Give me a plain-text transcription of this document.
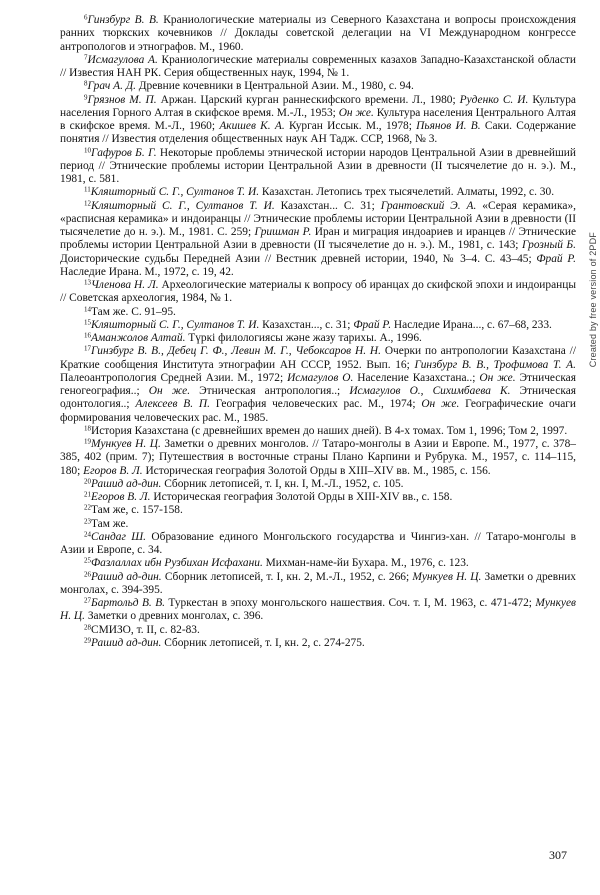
$^6$Гинзбург В. В. Краниологические материалы из Северного Казахстана и вопросы происхождения ранних тюркских кочевников // Доклады советской делегации на VI Международном конгрессе антропологов и этнографов. М., 1960.

$^7$Исмагулова А. Краниологические материалы современных казахов Западно-Казахстанской области // Известия НАН РК. Серия общественных наук, 1994, № 1.

$^8$Грач А. Д. Древние кочевники в Центральной Азии. М., 1980, с. 94.

$^9$Грязнов М. П. Аржан. Царский курган раннескифского времени. Л., 1980; Руденко С. И. Культура населения Горного Алтая в скифское время. М.-Л., 1953; Он же. Культура населения Центрального Алтая в скифское время. М.-Л., 1960; Акишев К. А. Курган Иссык. М., 1978; Пьянов И. В. Саки. Содержание понятия // Известия отделения общественных наук АН Тадж. ССР, 1968, № 3.

$^{10}$Гафуров Б. Г. Некоторые проблемы этнической истории народов Центральной Азии в древнейший период // Этнические проблемы истории Центральной Азии в древности (II тысячелетие до н. э.). М., 1981, с. 581.

$^{11}$Кляшторный С. Г., Султанов Т. И. Казахстан. Летопись трех тысячелетий. Алматы, 1992, с. 30.

$^{12}$Кляшторный С. Г., Султанов Т. И. Казахстан... С. 31; Грантовский Э. А. «Серая керамика», «расписная керамика» и индоиранцы // Этнические проблемы истории Центральной Азии в древности (II тысячелетие до н. э.). М., 1981. С. 259; Гришман Р. Иран и миграция индоариев и иранцев // Этнические проблемы истории Центральной Азии в древности (II тысячелетие до н. э.). М., 1981, с. 143; Грозный Б. Доисторические судьбы Передней Азии // Вестник древней истории, 1940, № 3–4. С. 43–45; Фрай Р. Наследие Ирана. М., 1972, с. 19, 42.

$^{13}$Членова Н. Л. Археологические материалы к вопросу об иранцах до скифской эпохи и индоиранцы // Советская археология, 1984, № 1.

$^{14}$Там же. С. 91–95.

$^{15}$Кляшторный С. Г., Султанов Т. И. Казахстан..., с. 31; Фрай Р. Наследие Ирана..., с. 67–68, 233.

$^{16}$Аманжолов Алтай. Түркі филологиясы және жазу тарихы. А., 1996.

$^{17}$Гинзбург В. В., Дебец Г. Ф., Левин М. Г., Чебоксаров Н. Н. Очерки по антропологии Казахстана // Краткие сообщения Института этнографии АН СССР, 1952. Вып. 16; Гинзбург В. В., Трофимова Т. А. Палеоантропология Средней Азии. М., 1972; Исмагулов О. Население Казахстана..; Он же. Этническая геногеография..; Он же. Этническая антропология..; Исмагулов О., Сихимбаева К. Этническая одонтология..; Алексеев В. П. География человеческих рас. М., 1974; Он же. Географические очаги формирования человеческих рас. М., 1985.

$^{18}$История Казахстана (с древнейших времен до наших дней). В 4-х томах. Том 1, 1996; Том 2, 1997.

$^{19}$Мункуев Н. Ц. Заметки о древних монголов. // Татаро-монголы в Азии и Европе. М., 1977, с. 378–385, 402 (прим. 7); Путешествия в восточные страны Плано Карпини и Рубрука. М., 1957, с. 114–115, 180; Егоров В. Л. Историческая география Золотой Орды в XIII–XIV вв. М., 1985, с. 156.

$^{20}$Рашид ад-дин. Сборник летописей, т. I, кн. I, М.-Л., 1952, с. 105.

$^{21}$Егоров В. Л. Историческая география Золотой Орды в XIII-XIV вв., с. 158.

$^{22}$Там же, с. 157-158.

$^{23}$Там же.

$^{24}$Сандаг Ш. Образование единого Монгольского государства и Чингиз-хан. // Татаро-монголы в Азии и Европе, с. 34.

$^{25}$Фазлаллах ибн Рузбихан Исфахани. Михман-наме-йи Бухара. М., 1976, с. 123.

$^{26}$Рашид ад-дин. Сборник летописей, т. I, кн. 2, М.-Л., 1952, с. 266; Мункуев Н. Ц. Заметки о древних монголах, с. 394-395.

$^{27}$Бартольд В. В. Туркестан в эпоху монгольского нашествия. Соч. т. I, М. 1963, с. 471-472; Мункуев Н. Ц. Заметки о древних монголах, с. 396.

$^{28}$СМИЗО, т. II, с. 82-83.

$^{29}$Рашид ад-дин. Сборник летописей, т. I, кн. 2, с. 274-275.

Created by free version of 2PDF
307
